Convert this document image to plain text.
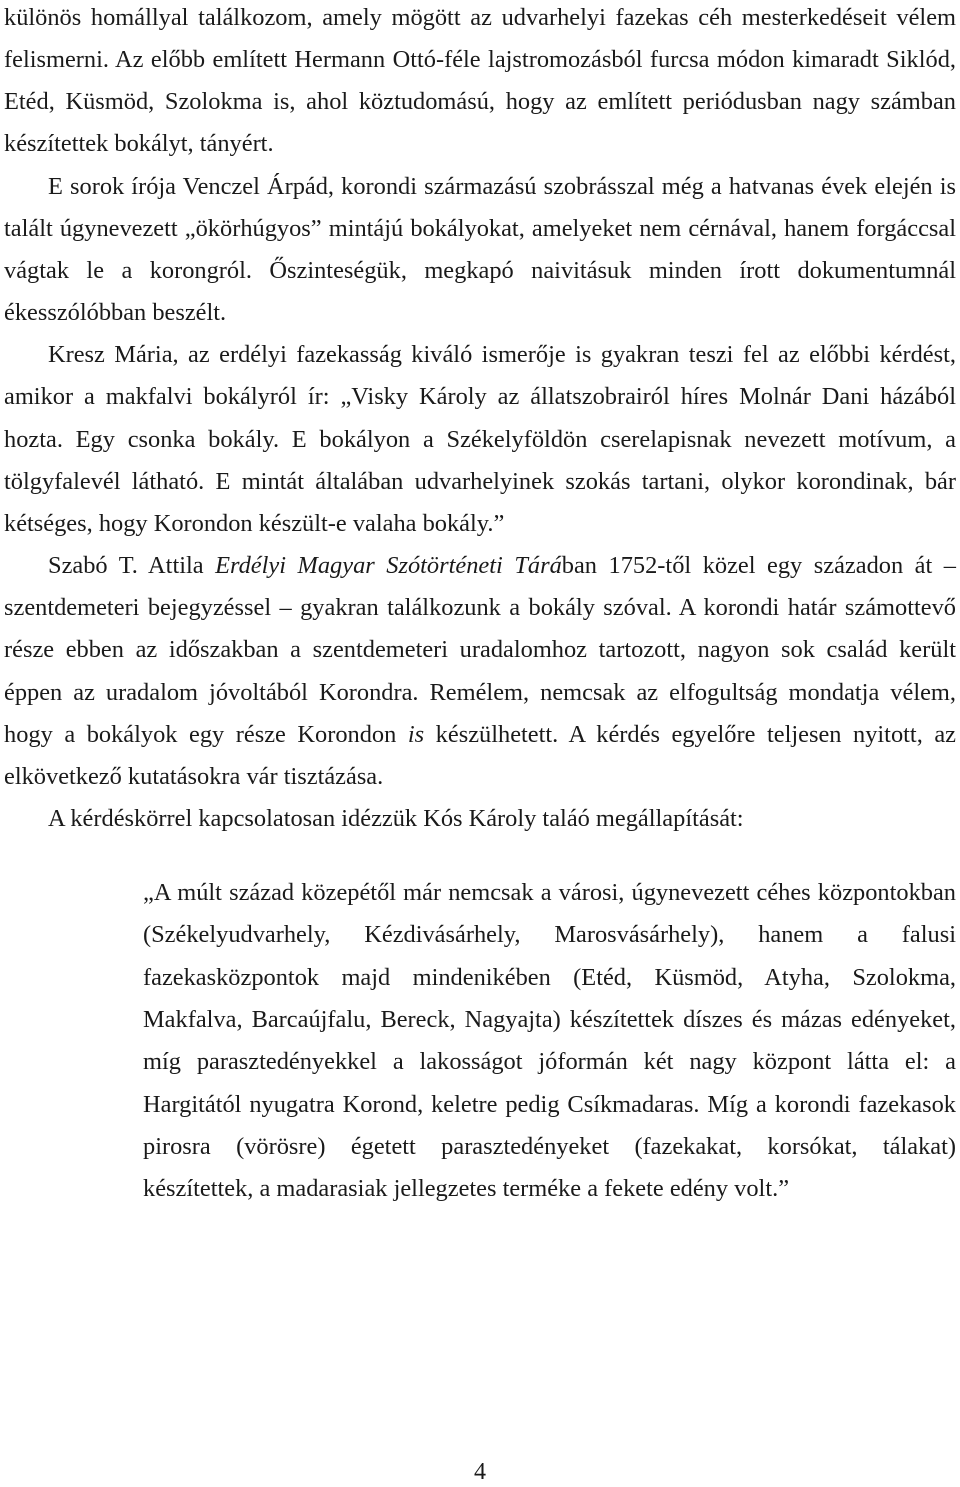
különös homállyal találkozom, amely mögött az udvarhelyi fazekas céh mesterkedéseit vélem felismerni. Az előbb említett Hermann Ottó-féle lajstromozásból furcsa módon kimaradt Siklód, Etéd, Küsmöd, Szolokma is, ahol köztudomású, hogy az említett periódusban nagy számban készítettek bokályt, tányért.

E sorok írója Venczel Árpád, korondi származású szobrásszal még a hatvanas évek elején is talált úgynevezett „ökörhúgyos” mintájú bokályokat, amelyeket nem cérnával, hanem forgáccsal vágtak le a korongról. Őszinteségük, megkapó naivitásuk minden írott dokumentumnál ékesszólóbban beszélt.

Kresz Mária, az erdélyi fazekasság kiváló ismerője is gyakran teszi fel az előbbi kérdést, amikor a makfalvi bokályról ír: „Visky Károly az állatszobrairól híres Molnár Dani házából hozta. Egy csonka bokály. E bokályon a Székelyföldön cserelapisnak nevezett motívum, a tölgyfalevél látható. E mintát általában udvarhelyinek szokás tartani, olykor korondinak, bár kétséges, hogy Korondon készült-e valaha bokály.”

Szabó T. Attila Erdélyi Magyar Szótörténeti Tárában 1752-től közel egy századon át – szentdemeteri bejegyzéssel – gyakran találkozunk a bokály szóval. A korondi határ számottevő része ebben az időszakban a szentdemeteri uradalomhoz tartozott, nagyon sok család került éppen az uradalom jóvoltából Korondra. Remélem, nemcsak az elfogultság mondatja vélem, hogy a bokályok egy része Korondon is készülhetett. A kérdés egyelőre teljesen nyitott, az elkövetkező kutatásokra vár tisztázása.

A kérdéskörrel kapcsolatosan idézzük Kós Károly taláó megállapítását:

„A múlt század közepétől már nemcsak a városi, úgynevezett céhes központokban (Székelyudvarhely, Kézdivásárhely, Marosvásárhely), hanem a falusi fazekasközpontok majd mindenikében (Etéd, Küsmöd, Atyha, Szolokma, Makfalva, Barcaújfalu, Bereck, Nagyajta) készítettek díszes és mázas edényeket, míg parasztedényekkel a lakosságot jóformán két nagy központ látta el: a Hargitától nyugatra Korond, keletre pedig Csíkmadaras. Míg a korondi fazekasok pirosra (vörösre) égetett parasztedényeket (fazekakat, korsókat, tálakat) készítettek, a madarasiak jellegzetes terméke a fekete edény volt.”

4
